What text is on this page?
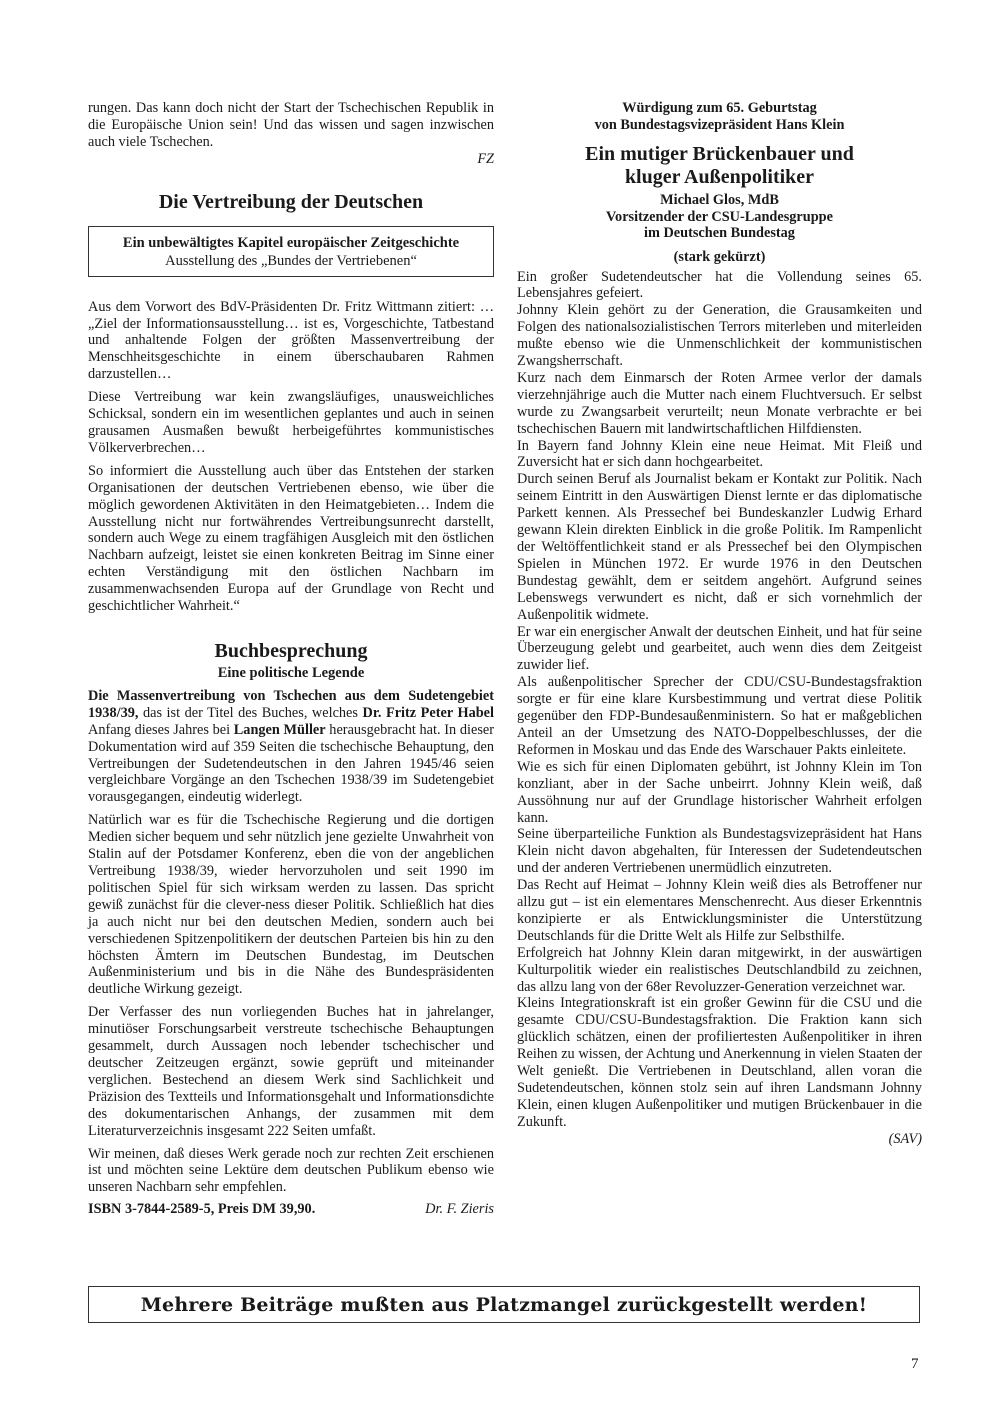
rungen. Das kann doch nicht der Start der Tschechischen Republik in die Europäische Union sein! Und das wissen und sagen inzwischen auch viele Tschechen.

FZ
Die Vertreibung der Deutschen
Ein unbewältigtes Kapitel europäischer Zeitgeschichte
Ausstellung des „Bundes der Vertriebenen“

Aus dem Vorwort des BdV-Präsidenten Dr. Fritz Wittmann zitiert: …„Ziel der Informationsausstellung… ist es, Vorgeschichte, Tatbestand und anhaltende Folgen der größten Massenvertreibung der Menschheitsgeschichte in einem überschaubaren Rahmen darzustellen…

Diese Vertreibung war kein zwangsläufiges, unausweichliches Schicksal, sondern ein im wesentlichen geplantes und auch in seinen grausamen Ausmaßen bewußt herbeigeführtes kommunistisches Völkerverbrechen…

So informiert die Ausstellung auch über das Entstehen der starken Organisationen der deutschen Vertriebenen ebenso, wie über die möglich gewordenen Aktivitäten in den Heimatgebieten… Indem die Ausstellung nicht nur fortwährendes Vertreibungsunrecht darstellt, sondern auch Wege zu einem tragfähigen Ausgleich mit den östlichen Nachbarn aufzeigt, leistet sie einen konkreten Beitrag im Sinne einer echten Verständigung mit den östlichen Nachbarn im zusammenwachsenden Europa auf der Grundlage von Recht und geschichtlicher Wahrheit.“

Buchbesprechung
Eine politische Legende

Die Massenvertreibung von Tschechen aus dem Sudetengebiet 1938/39, das ist der Titel des Buches, welches Dr. Fritz Peter Habel Anfang dieses Jahres bei Langen Müller herausgebracht hat. In dieser Dokumentation wird auf 359 Seiten die tschechische Behauptung, den Vertreibungen der Sudetendeutschen in den Jahren 1945/46 seien vergleichbare Vorgänge an den Tschechen 1938/39 im Sudetengebiet vorausgegangen, eindeutig widerlegt.

Natürlich war es für die Tschechische Regierung und die dortigen Medien sicher bequem und sehr nützlich jene gezielte Unwahrheit von Stalin auf der Potsdamer Konferenz, eben die von der angeblichen Vertreibung 1938/39, wieder hervorzuholen und seit 1990 im politischen Spiel für sich wirksam werden zu lassen. Das spricht gewiß zunächst für die clever-ness dieser Politik. Schließlich hat dies ja auch nicht nur bei den deutschen Medien, sondern auch bei verschiedenen Spitzenpolitikern der deutschen Parteien bis hin zu den höchsten Ämtern im Deutschen Bundestag, im Deutschen Außenministerium und bis in die Nähe des Bundespräsidenten deutliche Wirkung gezeigt.

Der Verfasser des nun vorliegenden Buches hat in jahrelanger, minutiöser Forschungsarbeit verstreute tschechische Behauptungen gesammelt, durch Aussagen noch lebender tschechischer und deutscher Zeitzeugen ergänzt, sowie geprüft und miteinander verglichen. Bestechend an diesem Werk sind Sachlichkeit und Präzision des Textteils und Informationsgehalt und Informationsdichte des dokumentarischen Anhangs, der zusammen mit dem Literaturverzeichnis insgesamt 222 Seiten umfaßt.

Wir meinen, daß dieses Werk gerade noch zur rechten Zeit erschienen ist und möchten seine Lektüre dem deutschen Publikum ebenso wie unseren Nachbarn sehr empfehlen.

ISBN 3-7844-2589-5, Preis DM 39,90.	Dr. F. Zieris
Würdigung zum 65. Geburtstag
von Bundestagsvizepräsident Hans Klein
Ein mutiger Brückenbauer und
kluger Außenpolitiker
Michael Glos, MdB
Vorsitzender der CSU-Landesgruppe
im Deutschen Bundestag
(stark gekürzt)

Ein großer Sudetendeutscher hat die Vollendung seines 65. Lebensjahres gefeiert.

Johnny Klein gehört zu der Generation, die Grausamkeiten und Folgen des nationalsozialistischen Terrors miterleben und miterleiden mußte ebenso wie die Unmenschlichkeit der kommunistischen Zwangsherrschaft.

Kurz nach dem Einmarsch der Roten Armee verlor der damals vierzehnjährige auch die Mutter nach einem Fluchtversuch. Er selbst wurde zu Zwangsarbeit verurteilt; neun Monate verbrachte er bei tschechischen Bauern mit landwirtschaftlichen Hilfdiensten.

In Bayern fand Johnny Klein eine neue Heimat. Mit Fleiß und Zuversicht hat er sich dann hochgearbeitet.

Durch seinen Beruf als Journalist bekam er Kontakt zur Politik. Nach seinem Eintritt in den Auswärtigen Dienst lernte er das diplomatische Parkett kennen. Als Pressechef bei Bundeskanzler Ludwig Erhard gewann Klein direkten Einblick in die große Politik. Im Rampenlicht der Weltöffentlichkeit stand er als Pressechef bei den Olympischen Spielen in München 1972. Er wurde 1976 in den Deutschen Bundestag gewählt, dem er seitdem angehört. Aufgrund seines Lebenswegs verwundert es nicht, daß er sich vornehmlich der Außenpolitik widmete.

Er war ein energischer Anwalt der deutschen Einheit, und hat für seine Überzeugung gelebt und gearbeitet, auch wenn dies dem Zeitgeist zuwider lief.

Als außenpolitischer Sprecher der CDU/CSU-Bundestagsfraktion sorgte er für eine klare Kursbestimmung und vertrat diese Politik gegenüber den FDP-Bundesaußenministern. So hat er maßgeblichen Anteil an der Umsetzung des NATO-Doppelbeschlusses, der die Reformen in Moskau und das Ende des Warschauer Pakts einleitete.

Wie es sich für einen Diplomaten gebührt, ist Johnny Klein im Ton konzliant, aber in der Sache unbeirrt. Johnny Klein weiß, daß Aussöhnung nur auf der Grundlage historischer Wahrheit erfolgen kann.

Seine überparteiliche Funktion als Bundestagsvizepräsident hat Hans Klein nicht davon abgehalten, für Interessen der Sudetendeutschen und der anderen Vertriebenen unermüdlich einzutreten.

Das Recht auf Heimat – Johnny Klein weiß dies als Betroffener nur allzu gut – ist ein elementares Menschenrecht. Aus dieser Erkenntnis konzipierte er als Entwicklungsminister die Unterstützung Deutschlands für die Dritte Welt als Hilfe zur Selbsthilfe.

Erfolgreich hat Johnny Klein daran mitgewirkt, in der auswärtigen Kulturpolitik wieder ein realistisches Deutschlandbild zu zeichnen, das allzu lang von der 68er Revoluzzer-Generation verzeichnet war.

Kleins Integrationskraft ist ein großer Gewinn für die CSU und die gesamte CDU/CSU-Bundestagsfraktion. Die Fraktion kann sich glücklich schätzen, einen der profiliertesten Außenpolitiker in ihren Reihen zu wissen, der Achtung und Anerkennung in vielen Staaten der Welt genießt. Die Vertriebenen in Deutschland, allen voran die Sudetendeutschen, können stolz sein auf ihren Landsmann Johnny Klein, einen klugen Außenpolitiker und mutigen Brückenbauer in die Zukunft.

(SAV)
Mehrere Beiträge mußten aus Platzmangel zurückgestellt werden!
7
